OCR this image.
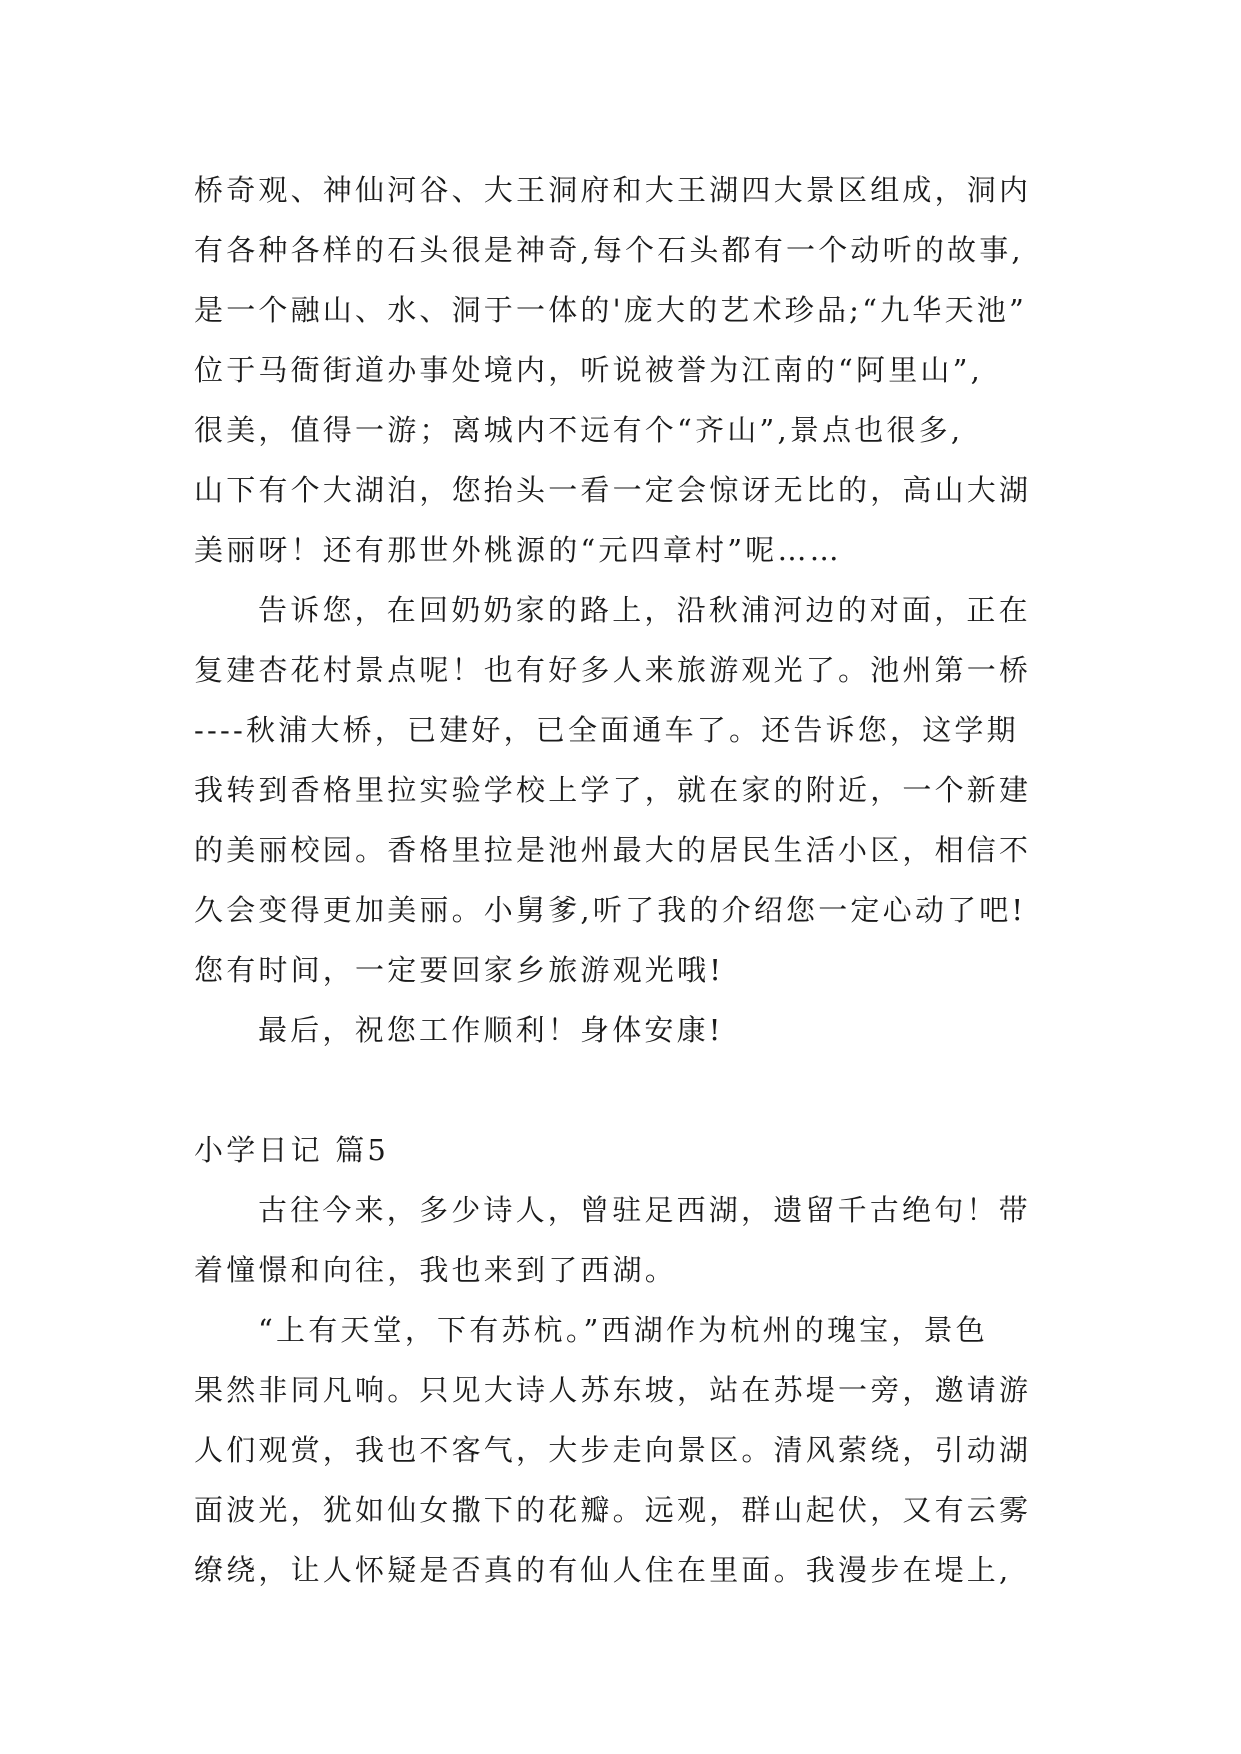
桥奇观、神仙河谷、大王洞府和大王湖四大景区组成，洞内
有各种各样的石头很是神奇,每个石头都有一个动听的故事,
是一个融山、水、洞于一体的'庞大的艺术珍品;“九华天池”
位于马衙街道办事处境内，听说被誉为江南的“阿里山”,
很美，值得一游；离城内不远有个“齐山”,景点也很多,
山下有个大湖泊，您抬头一看一定会惊讶无比的，高山大湖
美丽呀！还有那世外桃源的“元四章村”呢……
告诉您，在回奶奶家的路上，沿秋浦河边的对面，正在
复建杏花村景点呢！也有好多人来旅游观光了。池州第一桥
----秋浦大桥，已建好，已全面通车了。还告诉您，这学期
我转到香格里拉实验学校上学了，就在家的附近，一个新建
的美丽校园。香格里拉是池州最大的居民生活小区，相信不
久会变得更加美丽。小舅爹,听了我的介绍您一定心动了吧!
您有时间，一定要回家乡旅游观光哦!
最后，祝您工作顺利！身体安康!
小学日记 篇5
古往今来，多少诗人，曾驻足西湖，遗留千古绝句！带
着憧憬和向往，我也来到了西湖。
“上有天堂，下有苏杭。”西湖作为杭州的瑰宝，景色
果然非同凡响。只见大诗人苏东坡，站在苏堤一旁，邀请游
人们观赏，我也不客气，大步走向景区。清风萦绕，引动湖
面波光，犹如仙女撒下的花瓣。远观，群山起伏，又有云雾
缭绕，让人怀疑是否真的有仙人住在里面。我漫步在堤上,
